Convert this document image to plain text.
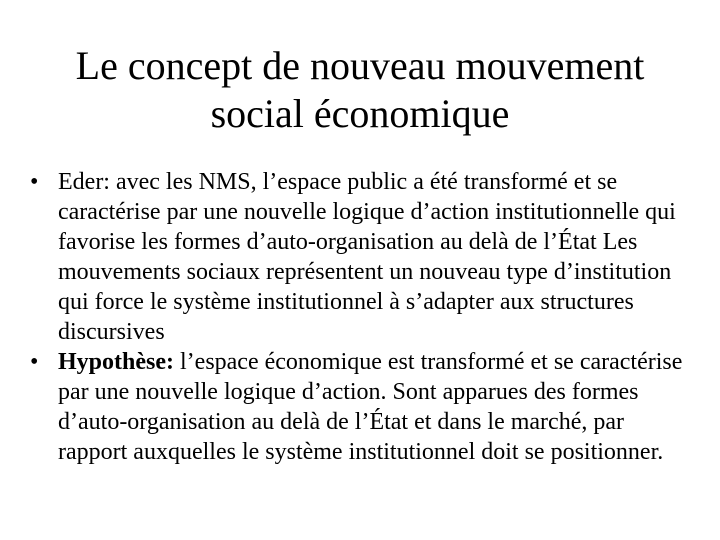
Le concept de nouveau mouvement
social économique
• Eder: avec les NMS, l’espace public a été transformé et se caractérise par une nouvelle logique d’action institutionnelle qui favorise les formes d’auto-organisation au delà de l’État Les mouvements sociaux représentent un nouveau type d’institution qui force le système institutionnel à s’adapter aux structures discursives
• Hypothèse: l’espace économique est transformé et se caractérise par une nouvelle logique d’action. Sont apparues des formes d’auto-organisation au delà de l’État et dans le marché, par rapport auxquelles le système institutionnel doit se positionner.
